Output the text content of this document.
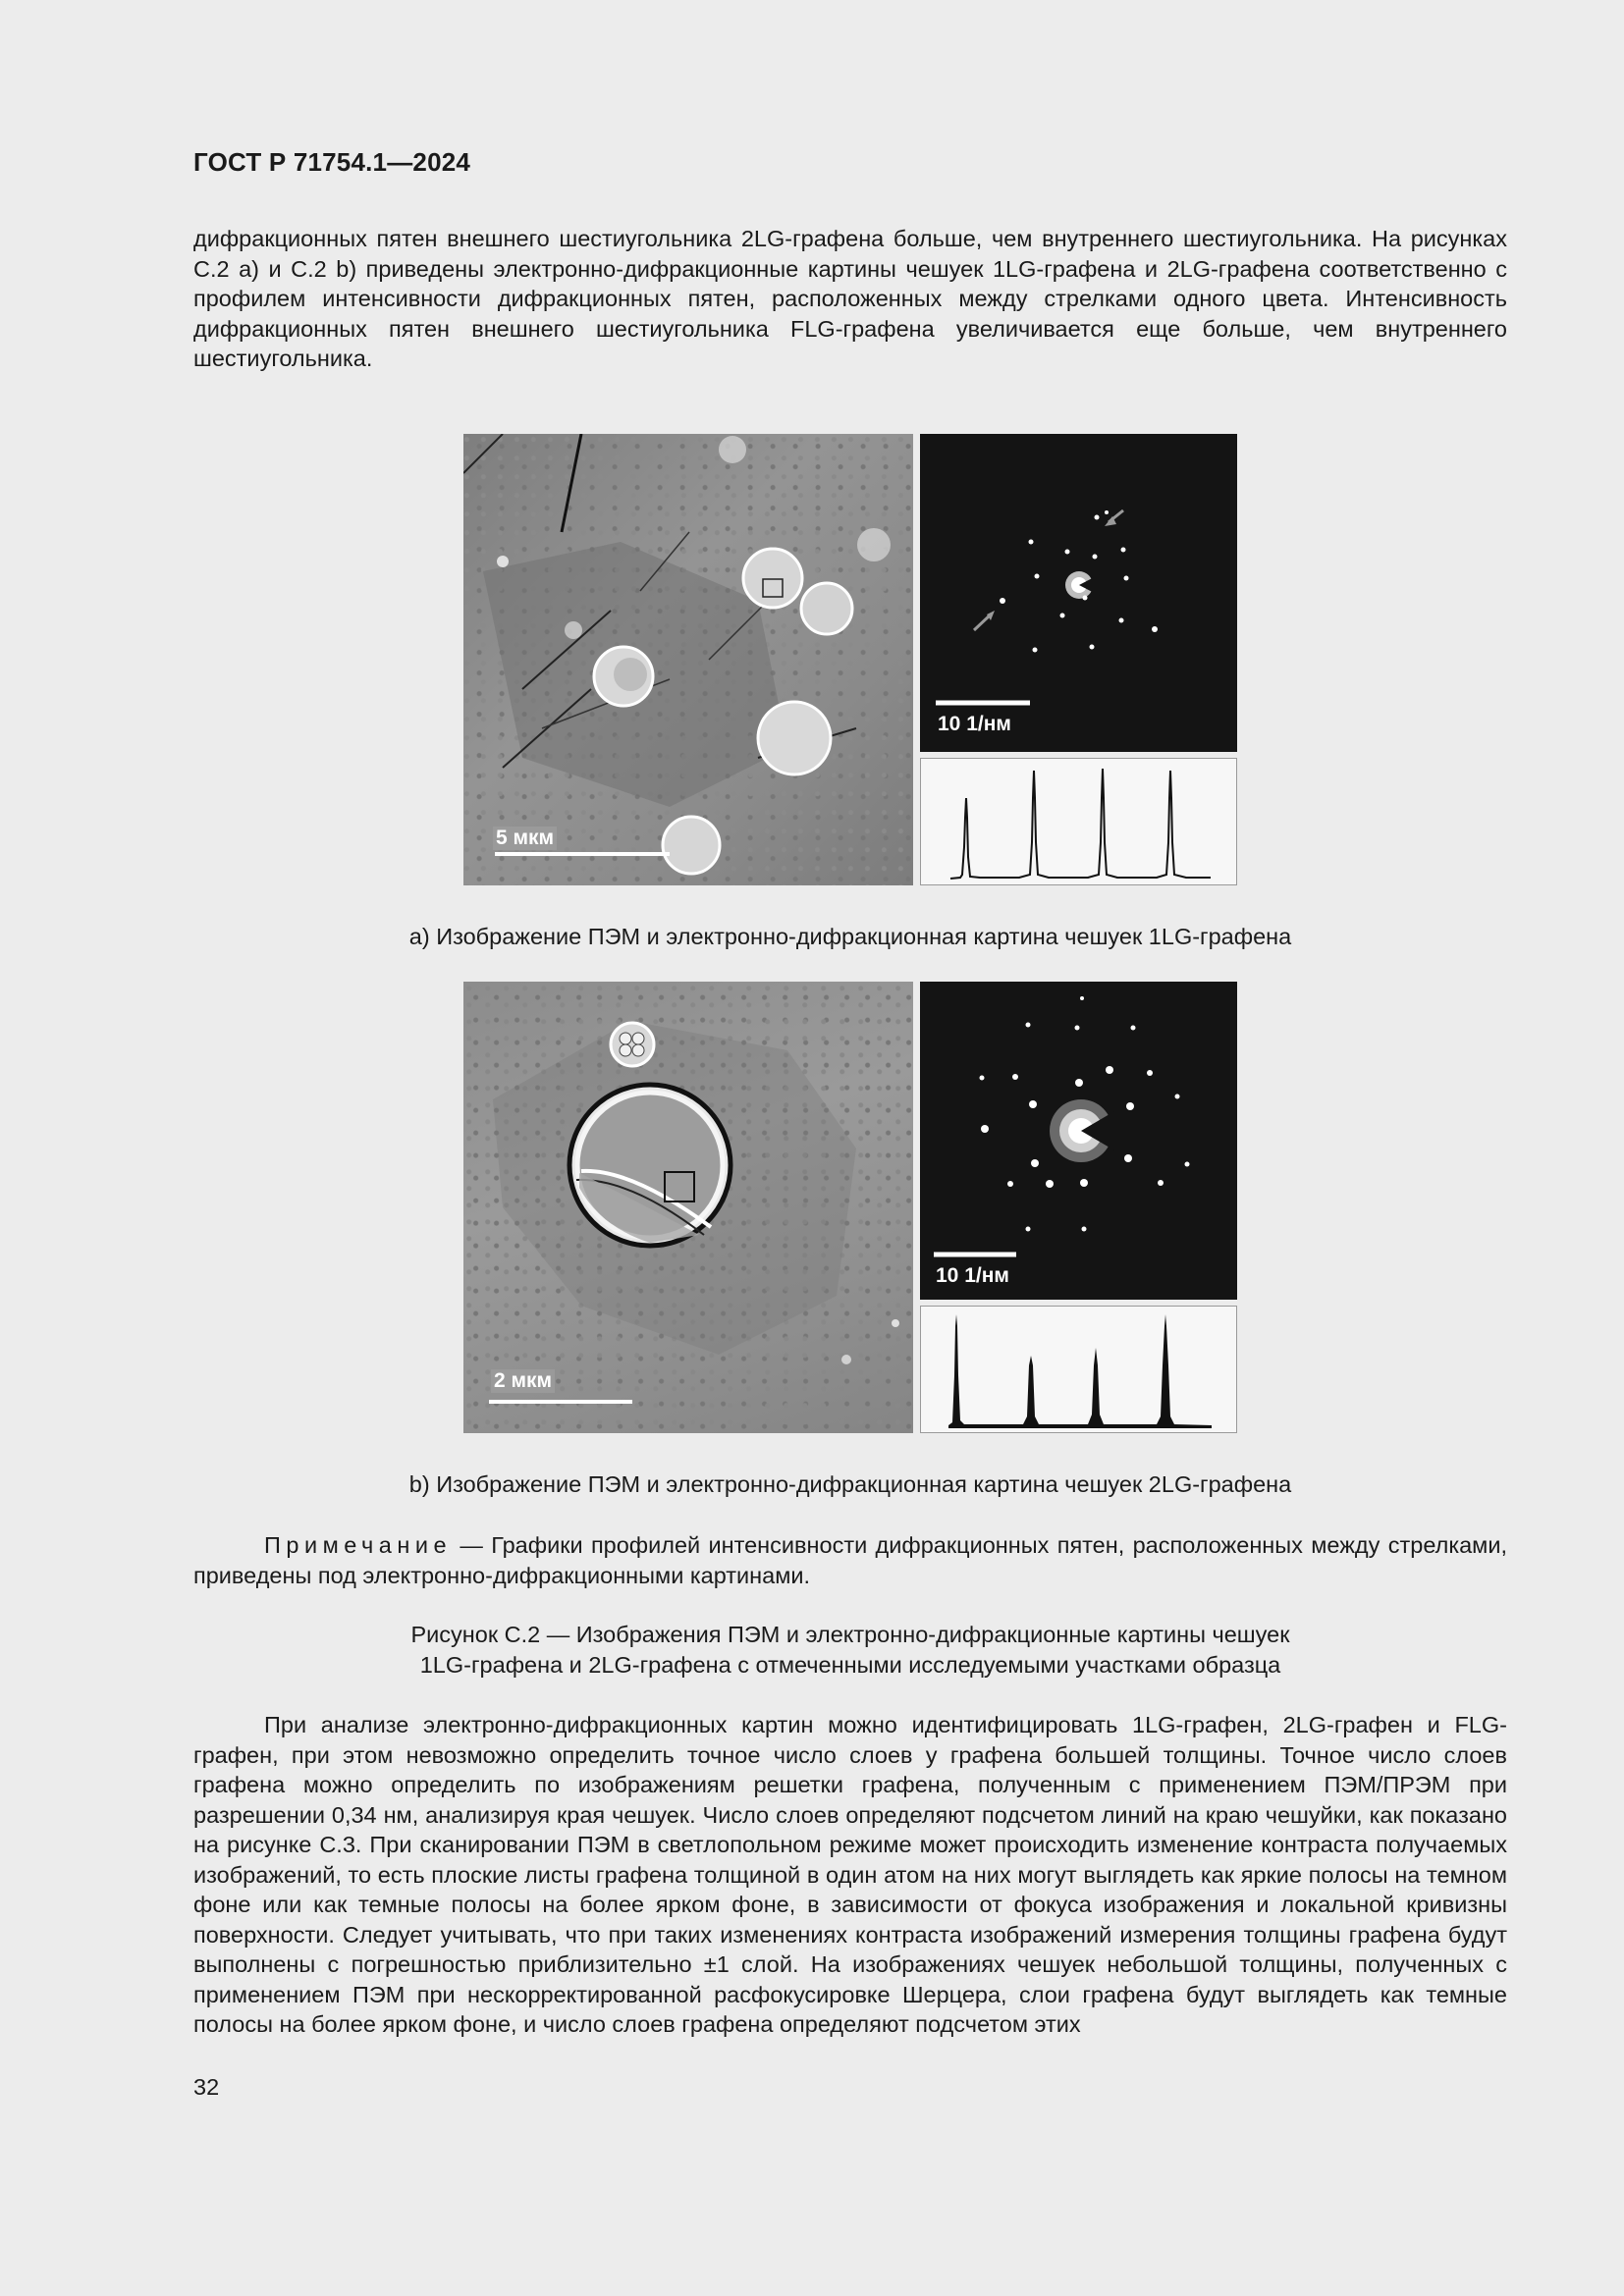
ГОСТ Р 71754.1—2024
дифракционных пятен внешнего шестиугольника 2LG-графена больше, чем внутреннего шестиугольника. На рисунках С.2 a) и С.2 b) приведены электронно-дифракционные картины чешуек 1LG-графена и 2LG-графена соответственно с профилем интенсивности дифракционных пятен, расположенных между стрелками одного цвета. Интенсивность дифракционных пятен внешнего шестиугольника FLG-графена увеличивается еще больше, чем внутреннего шестиугольника.
5 мкм
10 1/нм
a) Изображение ПЭМ и электронно-дифракционная картина чешуек 1LG-графена
2 мкм
10 1/нм
b) Изображение ПЭМ и электронно-дифракционная картина чешуек 2LG-графена
Примечание — Графики профилей интенсивности дифракционных пятен, расположенных между стрелками, приведены под электронно-дифракционными картинами.
Рисунок С.2 — Изображения ПЭМ и электронно-дифракционные картины чешуек
1LG-графена и 2LG-графена с отмеченными исследуемыми участками образца
При анализе электронно-дифракционных картин можно идентифицировать 1LG-графен, 2LG-графен и FLG-графен, при этом невозможно определить точное число слоев у графена большей толщины. Точное число слоев графена можно определить по изображениям решетки графена, полученным с применением ПЭМ/ПРЭМ при разрешении 0,34 нм, анализируя края чешуек. Число слоев определяют подсчетом линий на краю чешуйки, как показано на рисунке С.3. При сканировании ПЭМ в светлопольном режиме может происходить изменение контраста получаемых изображений, то есть плоские листы графена толщиной в один атом на них могут выглядеть как яркие полосы на темном фоне или как темные полосы на более ярком фоне, в зависимости от фокуса изображения и локальной кривизны поверхности. Следует учитывать, что при таких изменениях контраста изображений измерения толщины графена будут выполнены с погрешностью приблизительно ±1 слой. На изображениях чешуек небольшой толщины, полученных с применением ПЭМ при нескорректированной расфокусировке Шерцера, слои графена будут выглядеть как темные полосы на более ярком фоне, и число слоев графена определяют подсчетом этих
32
